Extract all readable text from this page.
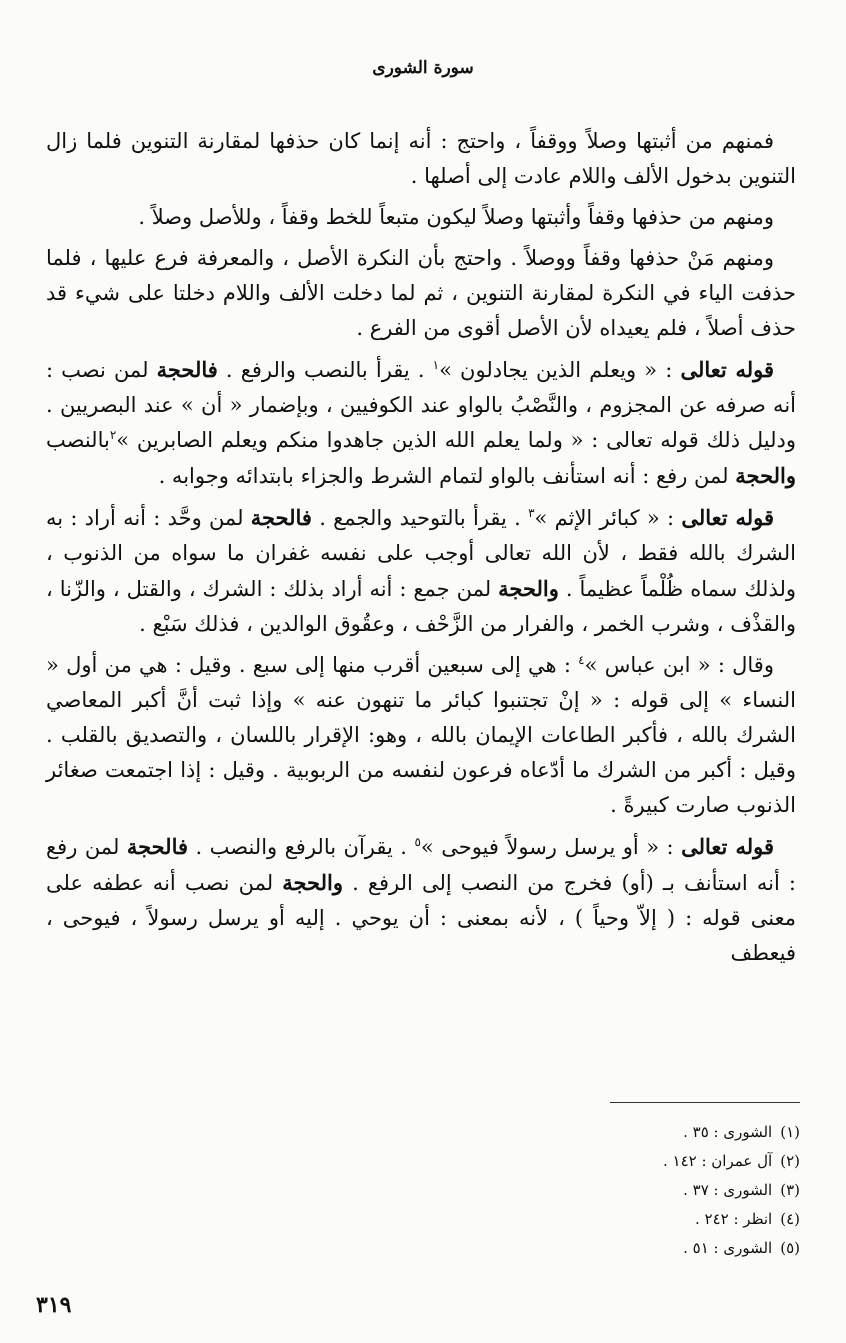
سورة الشورى

فمنهم من أثبتها وصلاً ووقفاً ، واحتج : أنه إنما كان حذفها لمقارنة التنوين فلما زال التنوين بدخول الألف واللام عادت إلى أصلها .

ومنهم من حذفها وقفاً وأثبتها وصلاً ليكون متبعاً للخط وقفاً ، وللأصل وصلاً .

ومنهم مَنْ حذفها وقفاً ووصلاً . واحتج بأن النكرة الأصل ، والمعرفة فرع عليها ، فلما حذفت الياء في النكرة لمقارنة التنوين ، ثم لما دخلت الألف واللام دخلتا على شيء قد حذف أصلاً ، فلم يعيداه لأن الأصل أقوى من الفرع .

قوله تعالى : « ويعلم الذين يجادلون »$^١$ . يقرأ بالنصب والرفع . فالحجة لمن نصب : أنه صرفه عن المجزوم ، والنَّصْبُ بالواو عند الكوفيين ، وبإضمار « أن » عند البصريين . ودليل ذلك قوله تعالى : « ولما يعلم الله الذين جاهدوا منكم ويعلم الصابرين »$^٢$بالنصب والحجة لمن رفع : أنه استأنف بالواو لتمام الشرط والجزاء بابتدائه وجوابه .

قوله تعالى : « كبائر الإثم »$^٣$ . يقرأ بالتوحيد والجمع . فالحجة لمن وحَّد : أنه أراد : به الشرك بالله فقط ، لأن الله تعالى أوجب على نفسه غفران ما سواه من الذنوب ، ولذلك سماه ظُلْماً عظيماً . والحجة لمن جمع : أنه أراد بذلك : الشرك ، والقتل ، والزّنا ، والقذْف ، وشرب الخمر ، والفرار من الزَّحْف ، وعقُوق الوالدين ، فذلك سَبْع .

وقال : « ابن عباس »$^٤$ : هي إلى سبعين أقرب منها إلى سبع . وقيل : هي من أول « النساء » إلى قوله : « إنْ تجتنبوا كبائر ما تنهون عنه » وإذا ثبت أنَّ أكبر المعاصي الشرك بالله ، فأكبر الطاعات الإيمان بالله ، وهو: الإقرار باللسان ، والتصديق بالقلب . وقيل : أكبر من الشرك ما أدّعاه فرعون لنفسه من الربوبية . وقيل : إذا اجتمعت صغائر الذنوب صارت كبيرةً .

قوله تعالى : « أو يرسل رسولاً فيوحى »$^٥$ . يقرآن بالرفع والنصب . فالحجة لمن رفع : أنه استأنف بـ (أو) فخرج من النصب إلى الرفع . والحجة لمن نصب أنه عطفه على معنى قوله : ( إلاّ وحياً ) ، لأنه بمعنى : أن يوحي . إليه أو يرسل رسولاً ، فيوحى ، فيعطف

(١)الشورى : ٣٥ .
(٢)آل عمران : ١٤٢ .
(٣)الشورى : ٣٧ .
(٤)انظر : ٢٤٢ .
(٥)الشورى : ٥١ .
٣١٩
